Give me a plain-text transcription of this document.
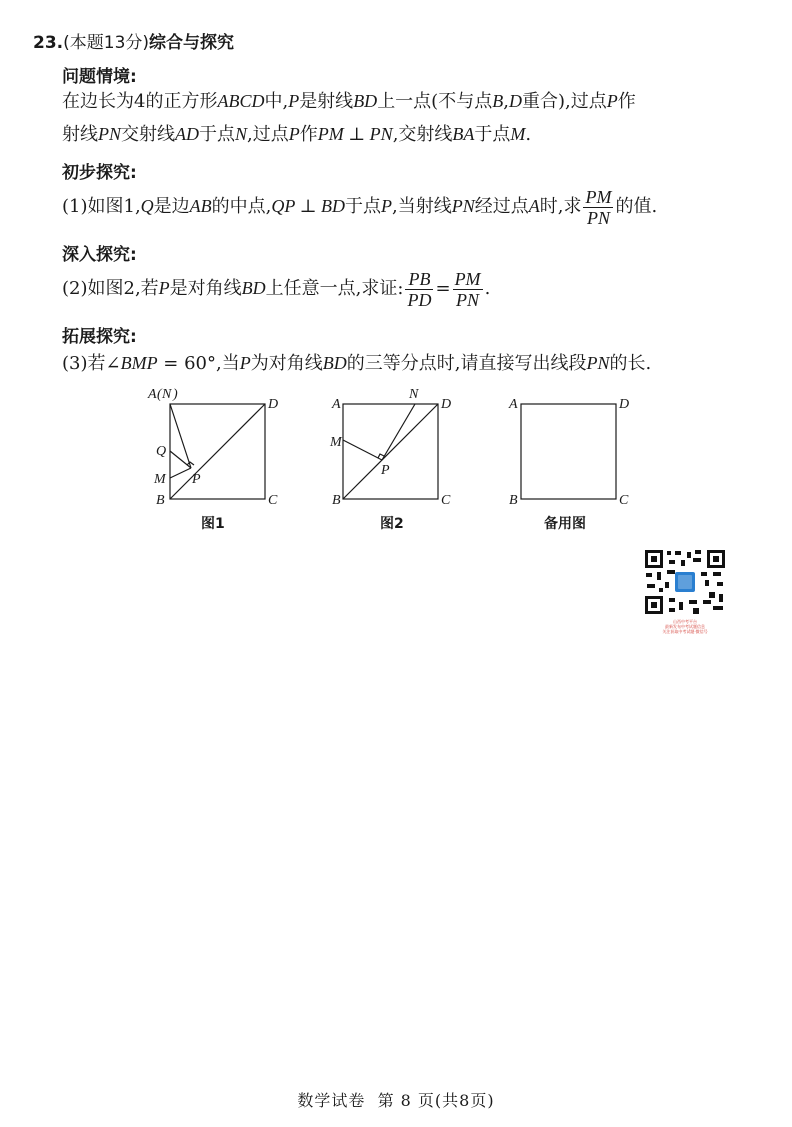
23.(本题13分)综合与探究
问题情境:
在边长为4的正方形ABCD中,P是射线BD上一点(不与点B,D重合),过点P作
射线PN交射线AD于点N,过点P作PM ⊥ PN,交射线BA于点M.
初步探究:
(1)如图1,Q是边AB的中点,QP ⊥ BD于点P,当射线PN经过点A时,求 $\frac{PM}{PN}$ 的值.
深入探究:
(2)如图2,若P是对角线BD上任意一点,求证: $\frac{PB}{PD} = \frac{PM}{PN}$ .
拓展探究:
(3)若∠BMP = 60°,当P为对角线BD的三等分点时,请直接写出线段PN的长.
A ( N )
D
Q
M P
B	C
A
N
D
M
P
B	C
A	D
B	C
图1	图2	备用图
山西中考平台
最新发布中考试题信息
关注获取中考试题·微信号
数学试卷  第 8 页(共8页)
